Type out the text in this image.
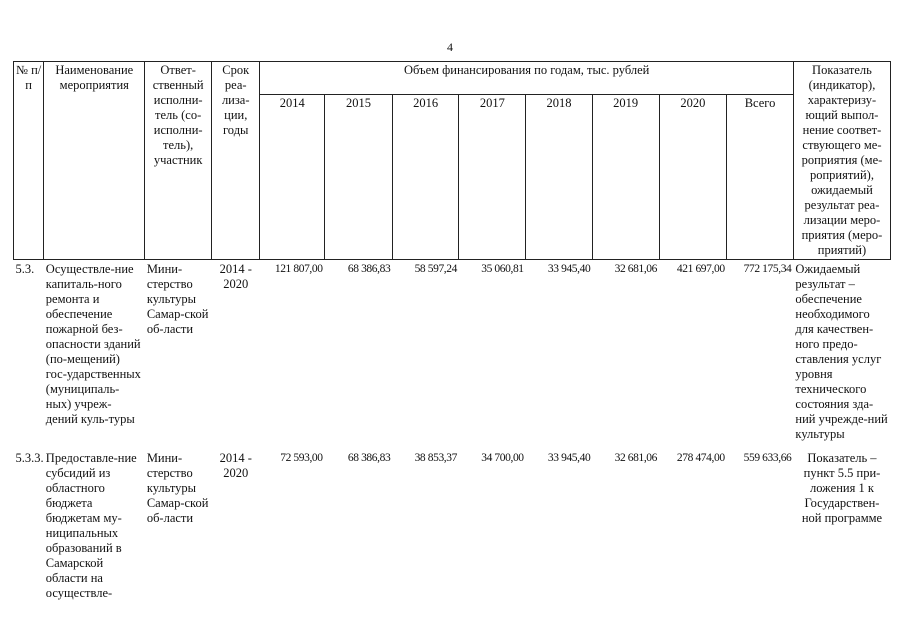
4
№ п/п	Наименование мероприятия	Ответ-ственный исполни-тель (со-исполни-тель), участник	Срок реа-лиза-ции, годы	Объем финансирования по годам, тыс. рублей								Показатель (индикатор), характеризу-ющий выпол-нение соответ-ствующего ме-роприятия (ме-роприятий), ожидаемый результат реа-лизации меро-приятия (меро-приятий)
				2014	2015	2016	2017	2018	2019	2020	Всего	
5.3.	Осуществле-ние капиталь-ного ремонта и обеспечение пожарной без-опасности зданий (по-мещений) гос-ударственных (муниципаль-ных) учреж-дений куль-туры	Мини-стерство культуры Самар-ской об-ласти	2014 - 2020	121 807,00	68 386,83	58 597,24	35 060,81	33 945,40	32 681,06	421 697,00	772 175,34	Ожидаемый результат – обеспечение необходимого для качествен-ного предо-ставления услуг уровня технического состояния зда-ний учрежде-ний культуры
5.3.3.	Предоставле-ние субсидий из областного бюджета бюджетам му-ниципальных образований в Самарской области на осуществле-	Мини-стерство культуры Самар-ской об-ласти	2014 - 2020	72 593,00	68 386,83	38 853,37	34 700,00	33 945,40	32 681,06	278 474,00	559 633,66	Показатель – пункт 5.5 при-ложения 1 к Государствен-ной программе
